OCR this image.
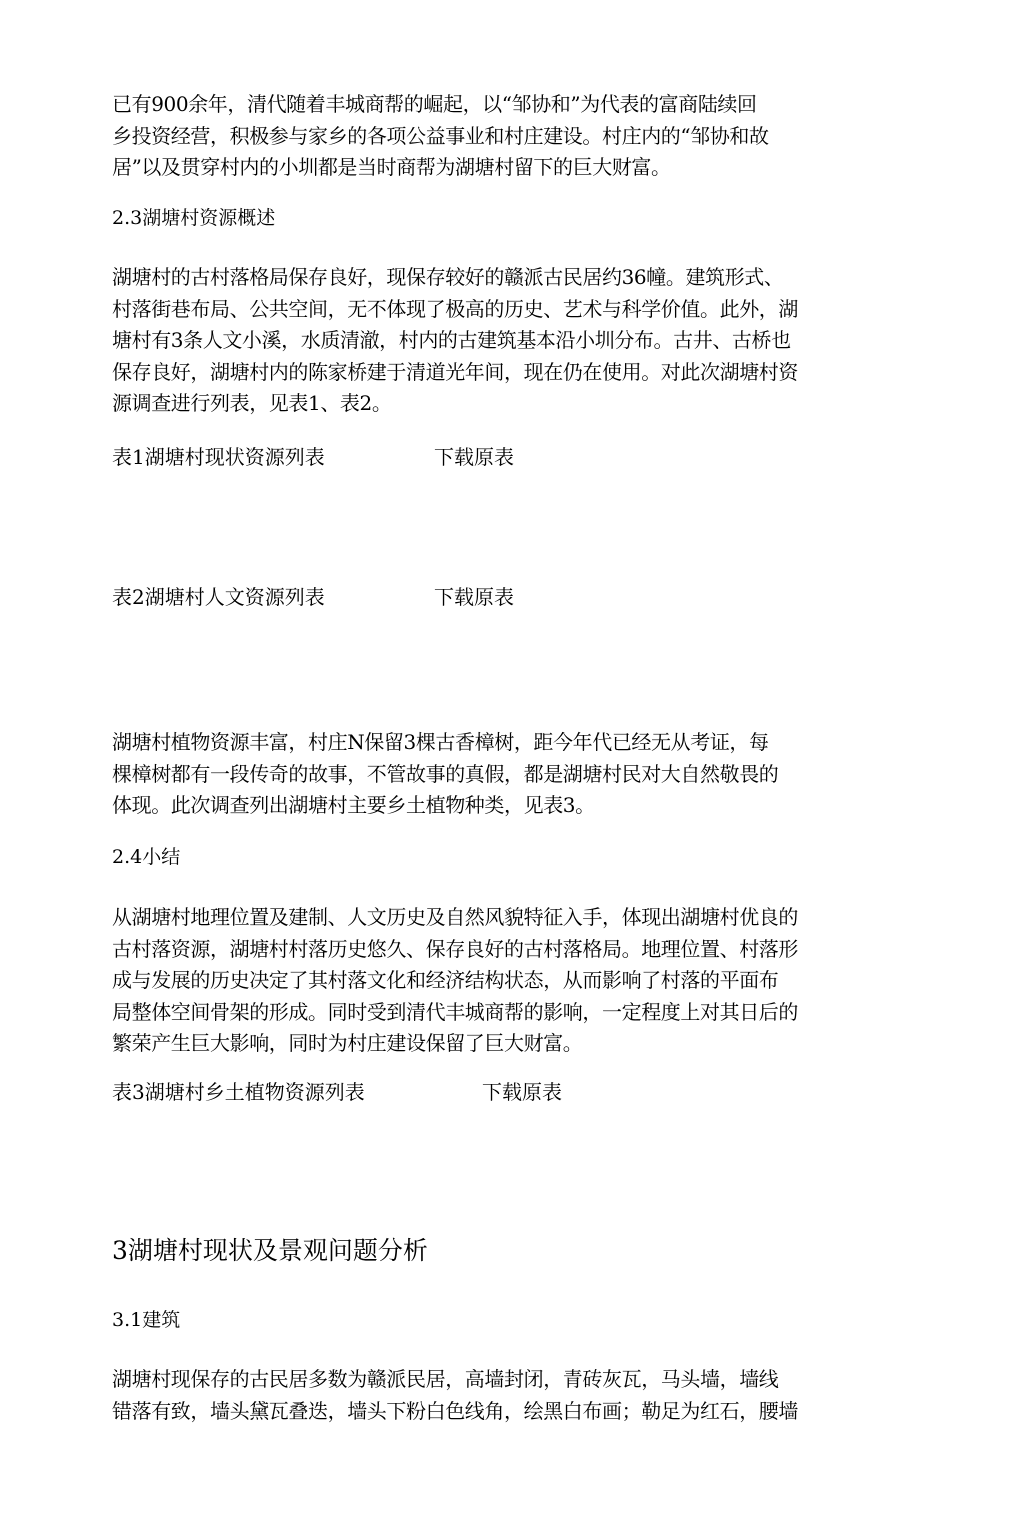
已有900余年，清代随着丰城商帮的崛起，以“邹协和”为代表的富商陆续回
乡投资经营，积极参与家乡的各项公益事业和村庄建设。村庄内的“邹协和故
居”以及贯穿村内的小圳都是当时商帮为湖塘村留下的巨大财富。
2.3湖塘村资源概述
湖塘村的古村落格局保存良好，现保存较好的赣派古民居约36幢。建筑形式、
村落街巷布局、公共空间，无不体现了极高的历史、艺术与科学价值。此外，湖
塘村有3条人文小溪，水质清澈，村内的古建筑基本沿小圳分布。古井、古桥也
保存良好，湖塘村内的陈家桥建于清道光年间，现在仍在使用。对此次湖塘村资
源调查进行列表，见表1、表2。
表1湖塘村现状资源列表	下载原表
表2湖塘村人文资源列表	下载原表
湖塘村植物资源丰富，村庄N保留3棵古香樟树，距今年代已经无从考证，每
棵樟树都有一段传奇的故事，不管故事的真假，都是湖塘村民对大自然敬畏的
体现。此次调查列出湖塘村主要乡土植物种类，见表3。
2.4小结
从湖塘村地理位置及建制、人文历史及自然风貌特征入手，体现出湖塘村优良的
古村落资源，湖塘村村落历史悠久、保存良好的古村落格局。地理位置、村落形
成与发展的历史决定了其村落文化和经济结构状态，从而影响了村落的平面布
局整体空间骨架的形成。同时受到清代丰城商帮的影响，一定程度上对其日后的
繁荣产生巨大影响，同时为村庄建设保留了巨大财富。
表3湖塘村乡土植物资源列表	下载原表
3湖塘村现状及景观问题分析
3.1建筑
湖塘村现保存的古民居多数为赣派民居，高墙封闭，青砖灰瓦，马头墙，墙线
错落有致，墙头黛瓦叠迭，墙头下粉白色线角，绘黑白布画；勒足为红石，腰墙
